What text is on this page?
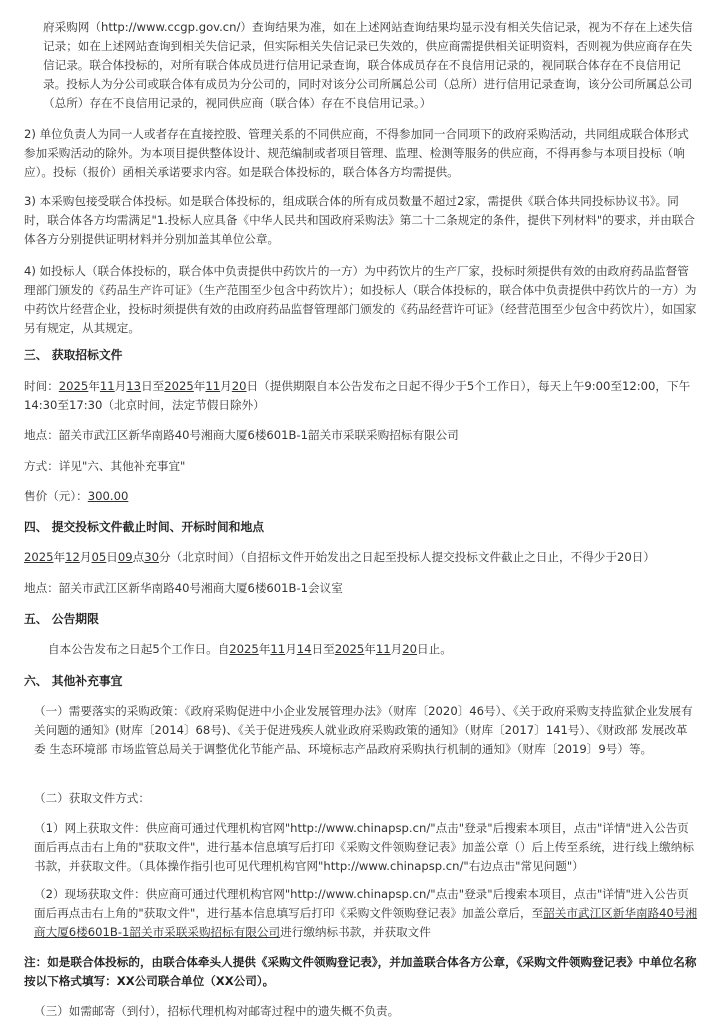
府采购网（http://www.ccgp.gov.cn/）查询结果为准，如在上述网站查询结果均显示没有相关失信记录，视为不存在上述失信记录；如在上述网站查询到相关失信记录，但实际相关失信记录已失效的，供应商需提供相关证明资料，否则视为供应商存在失信记录。联合体投标的，对所有联合体成员进行信用记录查询，联合体成员存在不良信用记录的，视同联合体存在不良信用记录。投标人为分公司或联合体有成员为分公司的，同时对该分公司所属总公司（总所）进行信用记录查询，该分公司所属总公司（总所）存在不良信用记录的，视同供应商（联合体）存在不良信用记录。）

2) 单位负责人为同一人或者存在直接控股、管理关系的不同供应商，不得参加同一合同项下的政府采购活动，共同组成联合体形式参加采购活动的除外。为本项目提供整体设计、规范编制或者项目管理、监理、检测等服务的供应商，不得再参与本项目投标（响应）。投标（报价）函相关承诺要求内容。如是联合体投标的，联合体各方均需提供。

3) 本采购包接受联合体投标。如是联合体投标的，组成联合体的所有成员数量不超过2家，需提供《联合体共同投标协议书》。同时，联合体各方均需满足"1.投标人应具备《中华人民共和国政府采购法》第二十二条规定的条件，提供下列材料"的要求，并由联合体各方分别提供证明材料并分别加盖其单位公章。

4) 如投标人（联合体投标的，联合体中负责提供中药饮片的一方）为中药饮片的生产厂家，投标时须提供有效的由政府药品监督管理部门颁发的《药品生产许可证》（生产范围至少包含中药饮片）；如投标人（联合体投标的，联合体中负责提供中药饮片的一方）为中药饮片经营企业，投标时须提供有效的由政府药品监督管理部门颁发的《药品经营许可证》（经营范围至少包含中药饮片），如国家另有规定，从其规定。

三、 获取招标文件

时间：2025年11月13日至2025年11月20日（提供期限自本公告发布之日起不得少于5个工作日），每天上午9:00至12:00，下午14:30至17:30（北京时间，法定节假日除外）

地点：韶关市武江区新华南路40号湘商大厦6楼601B-1韶关市采联采购招标有限公司
方式：详见"六、其他补充事宜"
售价（元）：300.00
四、 提交投标文件截止时间、开标时间和地点
2025年12月05日09点30分（北京时间）（自招标文件开始发出之日起至投标人提交投标文件截止之日止，不得少于20日）
地点：韶关市武江区新华南路40号湘商大厦6楼601B-1会议室
五、 公告期限
自本公告发布之日起5个工作日。自2025年11月14日至2025年11月20日止。
六、 其他补充事宜

（一）需要落实的采购政策：《政府采购促进中小企业发展管理办法》（财库〔2020〕46号）、《关于政府采购支持监狱企业发展有关问题的通知》(财库〔2014〕68号)、《关于促进残疾人就业政府采购政策的通知》（财库〔2017〕141号）、《财政部 发展改革委 生态环境部 市场监管总局关于调整优化节能产品、环境标志产品政府采购执行机制的通知》（财库〔2019〕9号）等。

（二）获取文件方式：

（1）网上获取文件：供应商可通过代理机构官网"http://www.chinapsp.cn/"点击"登录"后搜索本项目，点击"详情"进入公告页面后再点击右上角的"获取文件"，进行基本信息填写后打印《采购文件领购登记表》加盖公章（）后上传至系统，进行线上缴纳标书款，并获取文件。（具体操作指引也可见代理机构官网"http://www.chinapsp.cn/"右边点击"常见问题"）

（2）现场获取文件：供应商可通过代理机构官网"http://www.chinapsp.cn/"点击"登录"后搜索本项目，点击"详情"进入公告页面后再点击右上角的"获取文件"，进行基本信息填写后打印《采购文件领购登记表》加盖公章后，至韶关市武江区新华南路40号湘商大厦6楼601B-1韶关市采联采购招标有限公司进行缴纳标书款，并获取文件

注：如是联合体投标的，由联合体牵头人提供《采购文件领购登记表》，并加盖联合体各方公章，《采购文件领购登记表》中单位名称按以下格式填写：XX公司联合单位（XX公司）。

（三）如需邮寄（到付），招标代理机构对邮寄过程中的遗失概不负责。
